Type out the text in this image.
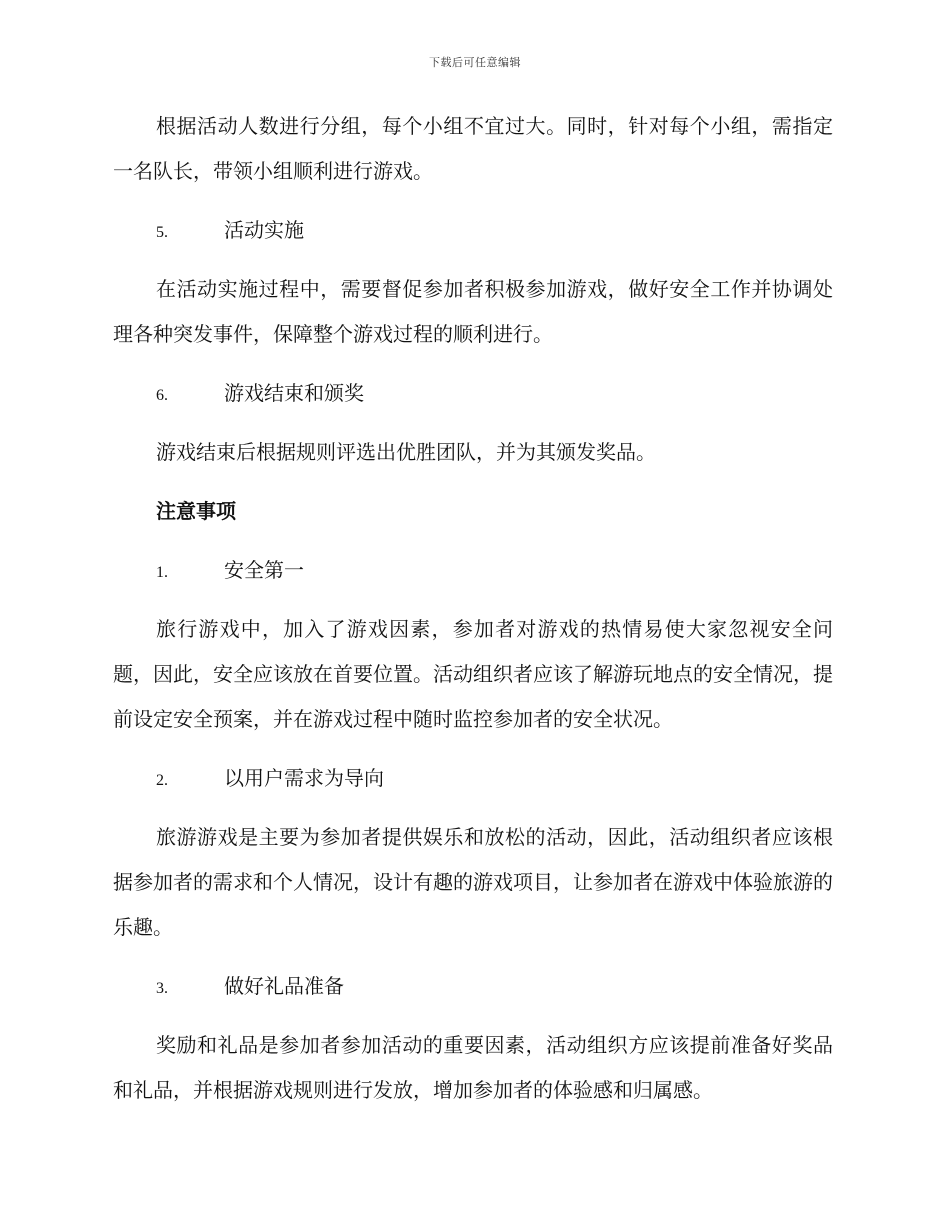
下载后可任意编辑

根据活动人数进行分组，每个小组不宜过大。同时，针对每个小组，需指定一名队长，带领小组顺利进行游戏。

5.	活动实施

在活动实施过程中，需要督促参加者积极参加游戏，做好安全工作并协调处理各种突发事件，保障整个游戏过程的顺利进行。

6.	游戏结束和颁奖

游戏结束后根据规则评选出优胜团队，并为其颁发奖品。

注意事项
1.	安全第一

旅行游戏中，加入了游戏因素，参加者对游戏的热情易使大家忽视安全问题，因此，安全应该放在首要位置。活动组织者应该了解游玩地点的安全情况，提前设定安全预案，并在游戏过程中随时监控参加者的安全状况。

2.	以用户需求为导向

旅游游戏是主要为参加者提供娱乐和放松的活动，因此，活动组织者应该根据参加者的需求和个人情况，设计有趣的游戏项目，让参加者在游戏中体验旅游的乐趣。

3.	做好礼品准备

奖励和礼品是参加者参加活动的重要因素，活动组织方应该提前准备好奖品和礼品，并根据游戏规则进行发放，增加参加者的体验感和归属感。
